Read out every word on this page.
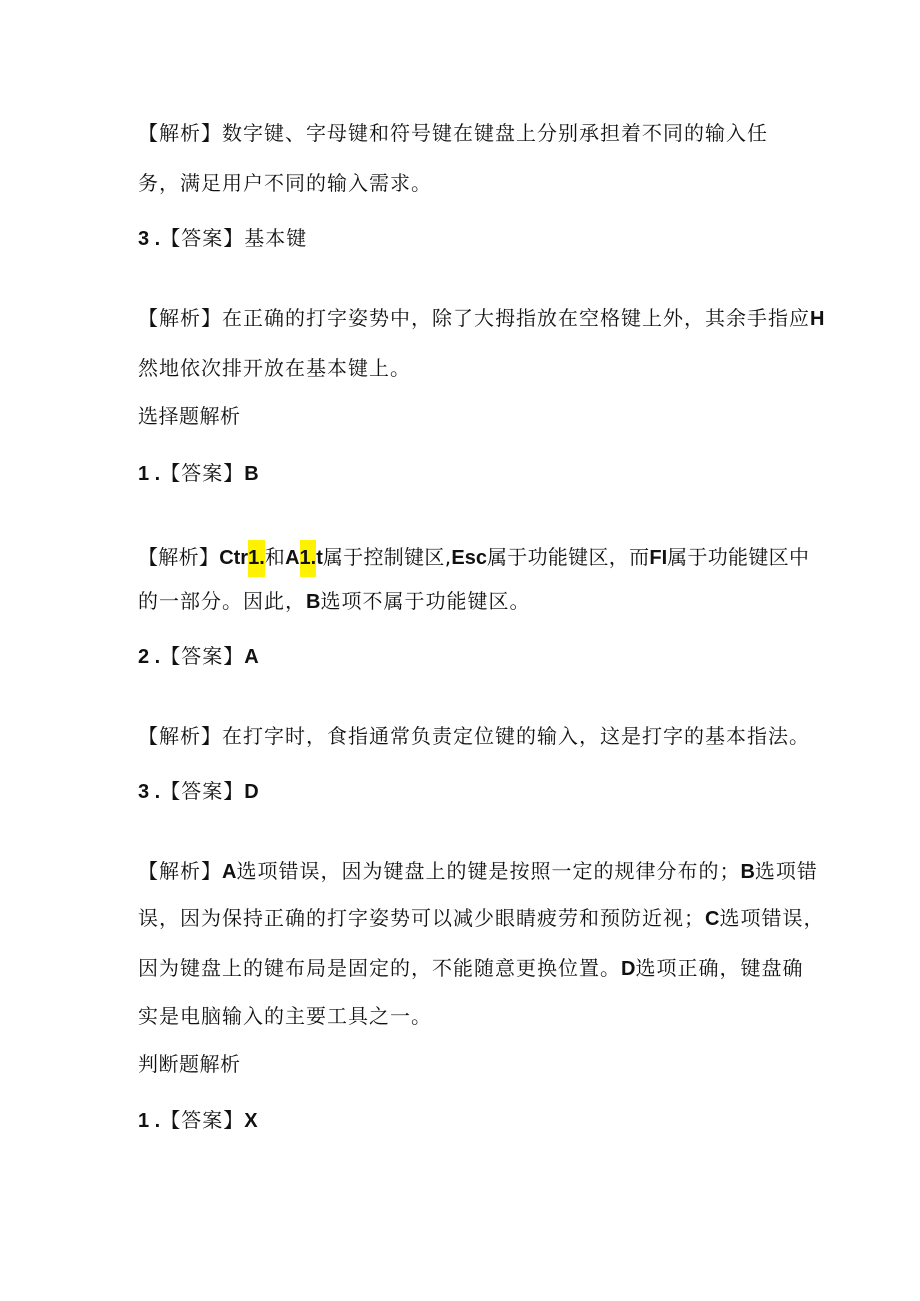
【解析】数字键、字母键和符号键在键盘上分别承担着不同的输入任
务，满足用户不同的输入需求。
3 .【答案】基本键
【解析】在正确的打字姿势中，除了大拇指放在空格键上外，其余手指应H
然地依次排开放在基本键上。
选择题解析
1 .【答案】B
【解析】Ctr1.和A1.t属于控制键区,Esc属于功能键区，而FI属于功能键区中
的一部分。因此，B选项不属于功能键区。
2 .【答案】A
【解析】在打字时，食指通常负责定位键的输入，这是打字的基本指法。
3 .【答案】D
【解析】A选项错误，因为键盘上的键是按照一定的规律分布的；B选项错
误，因为保持正确的打字姿势可以减少眼睛疲劳和预防近视；C选项错误，
因为键盘上的键布局是固定的，不能随意更换位置。D选项正确，键盘确
实是电脑输入的主要工具之一。
判断题解析
1 .【答案】X
